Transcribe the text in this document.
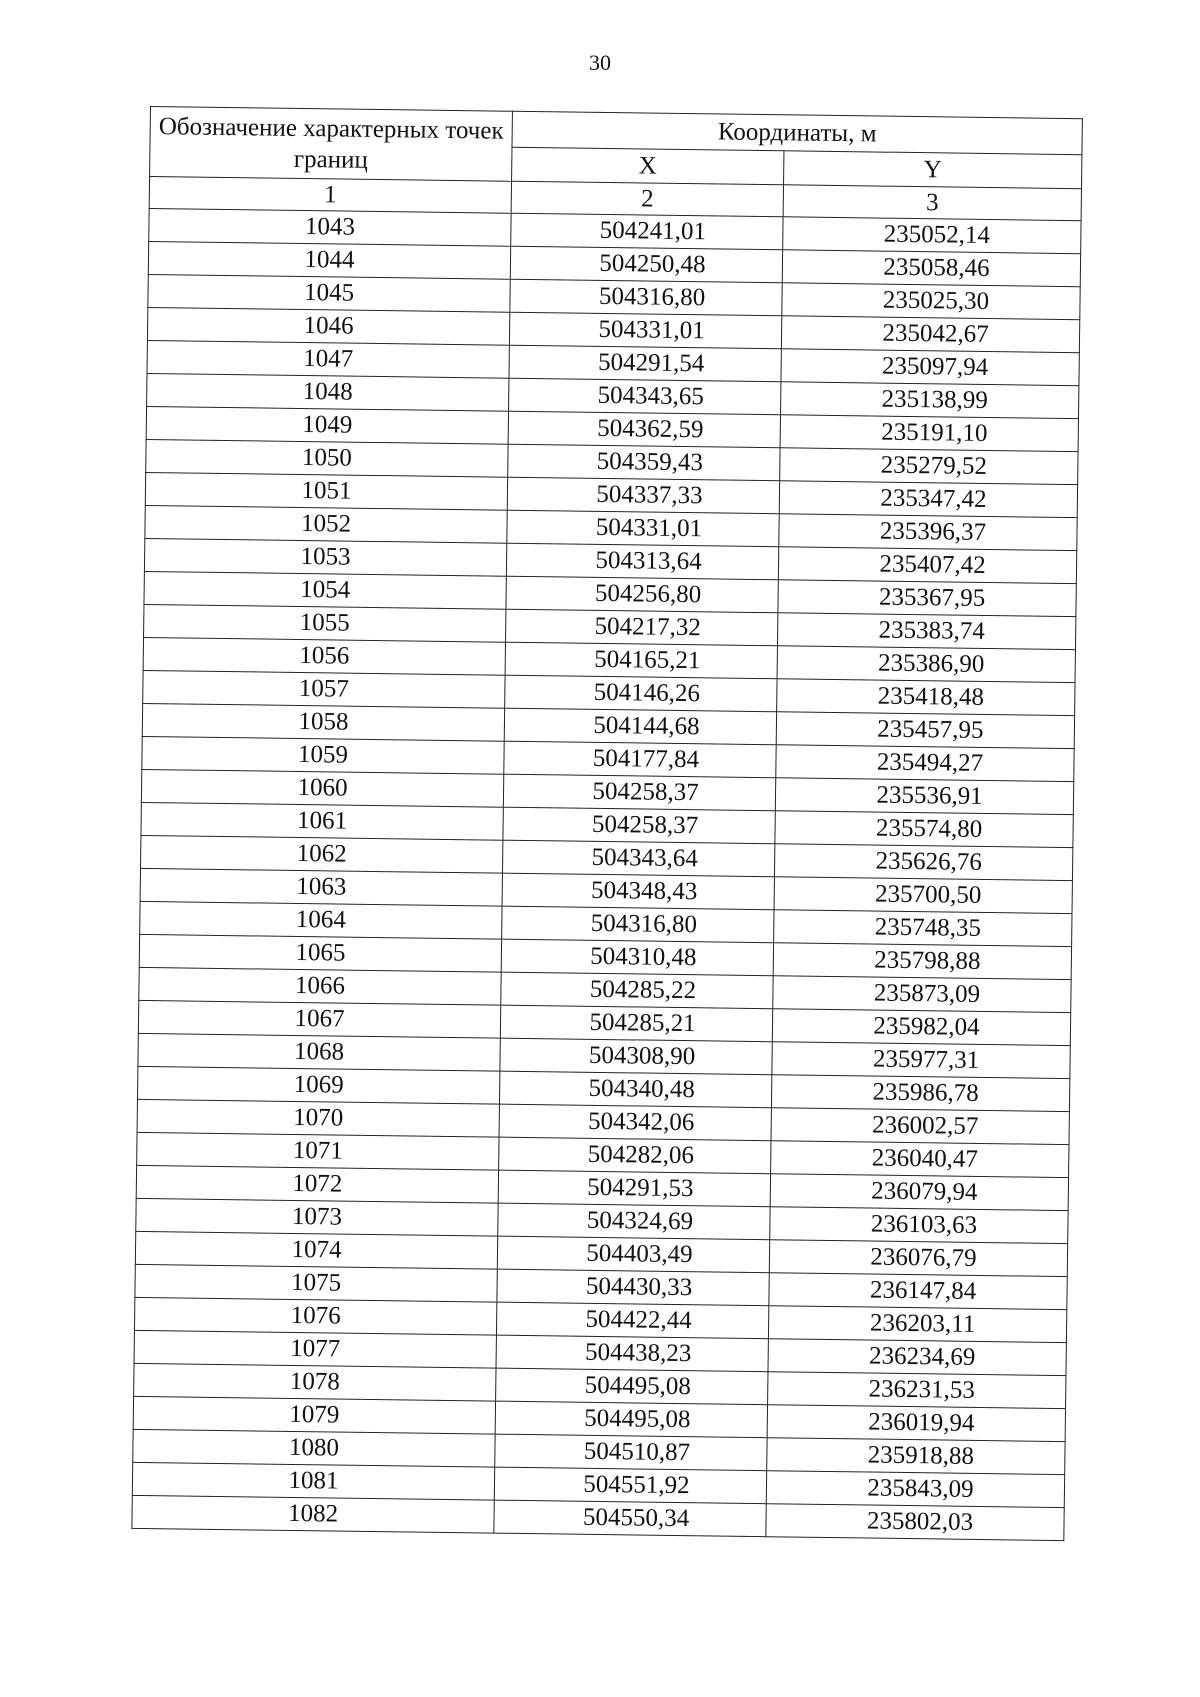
30
Обозначение характерных точек границ	Координаты, м	
	X	Y
1	2	3
1043	504241,01	235052,14
1044	504250,48	235058,46
1045	504316,80	235025,30
1046	504331,01	235042,67
1047	504291,54	235097,94
1048	504343,65	235138,99
1049	504362,59	235191,10
1050	504359,43	235279,52
1051	504337,33	235347,42
1052	504331,01	235396,37
1053	504313,64	235407,42
1054	504256,80	235367,95
1055	504217,32	235383,74
1056	504165,21	235386,90
1057	504146,26	235418,48
1058	504144,68	235457,95
1059	504177,84	235494,27
1060	504258,37	235536,91
1061	504258,37	235574,80
1062	504343,64	235626,76
1063	504348,43	235700,50
1064	504316,80	235748,35
1065	504310,48	235798,88
1066	504285,22	235873,09
1067	504285,21	235982,04
1068	504308,90	235977,31
1069	504340,48	235986,78
1070	504342,06	236002,57
1071	504282,06	236040,47
1072	504291,53	236079,94
1073	504324,69	236103,63
1074	504403,49	236076,79
1075	504430,33	236147,84
1076	504422,44	236203,11
1077	504438,23	236234,69
1078	504495,08	236231,53
1079	504495,08	236019,94
1080	504510,87	235918,88
1081	504551,92	235843,09
1082	504550,34	235802,03
